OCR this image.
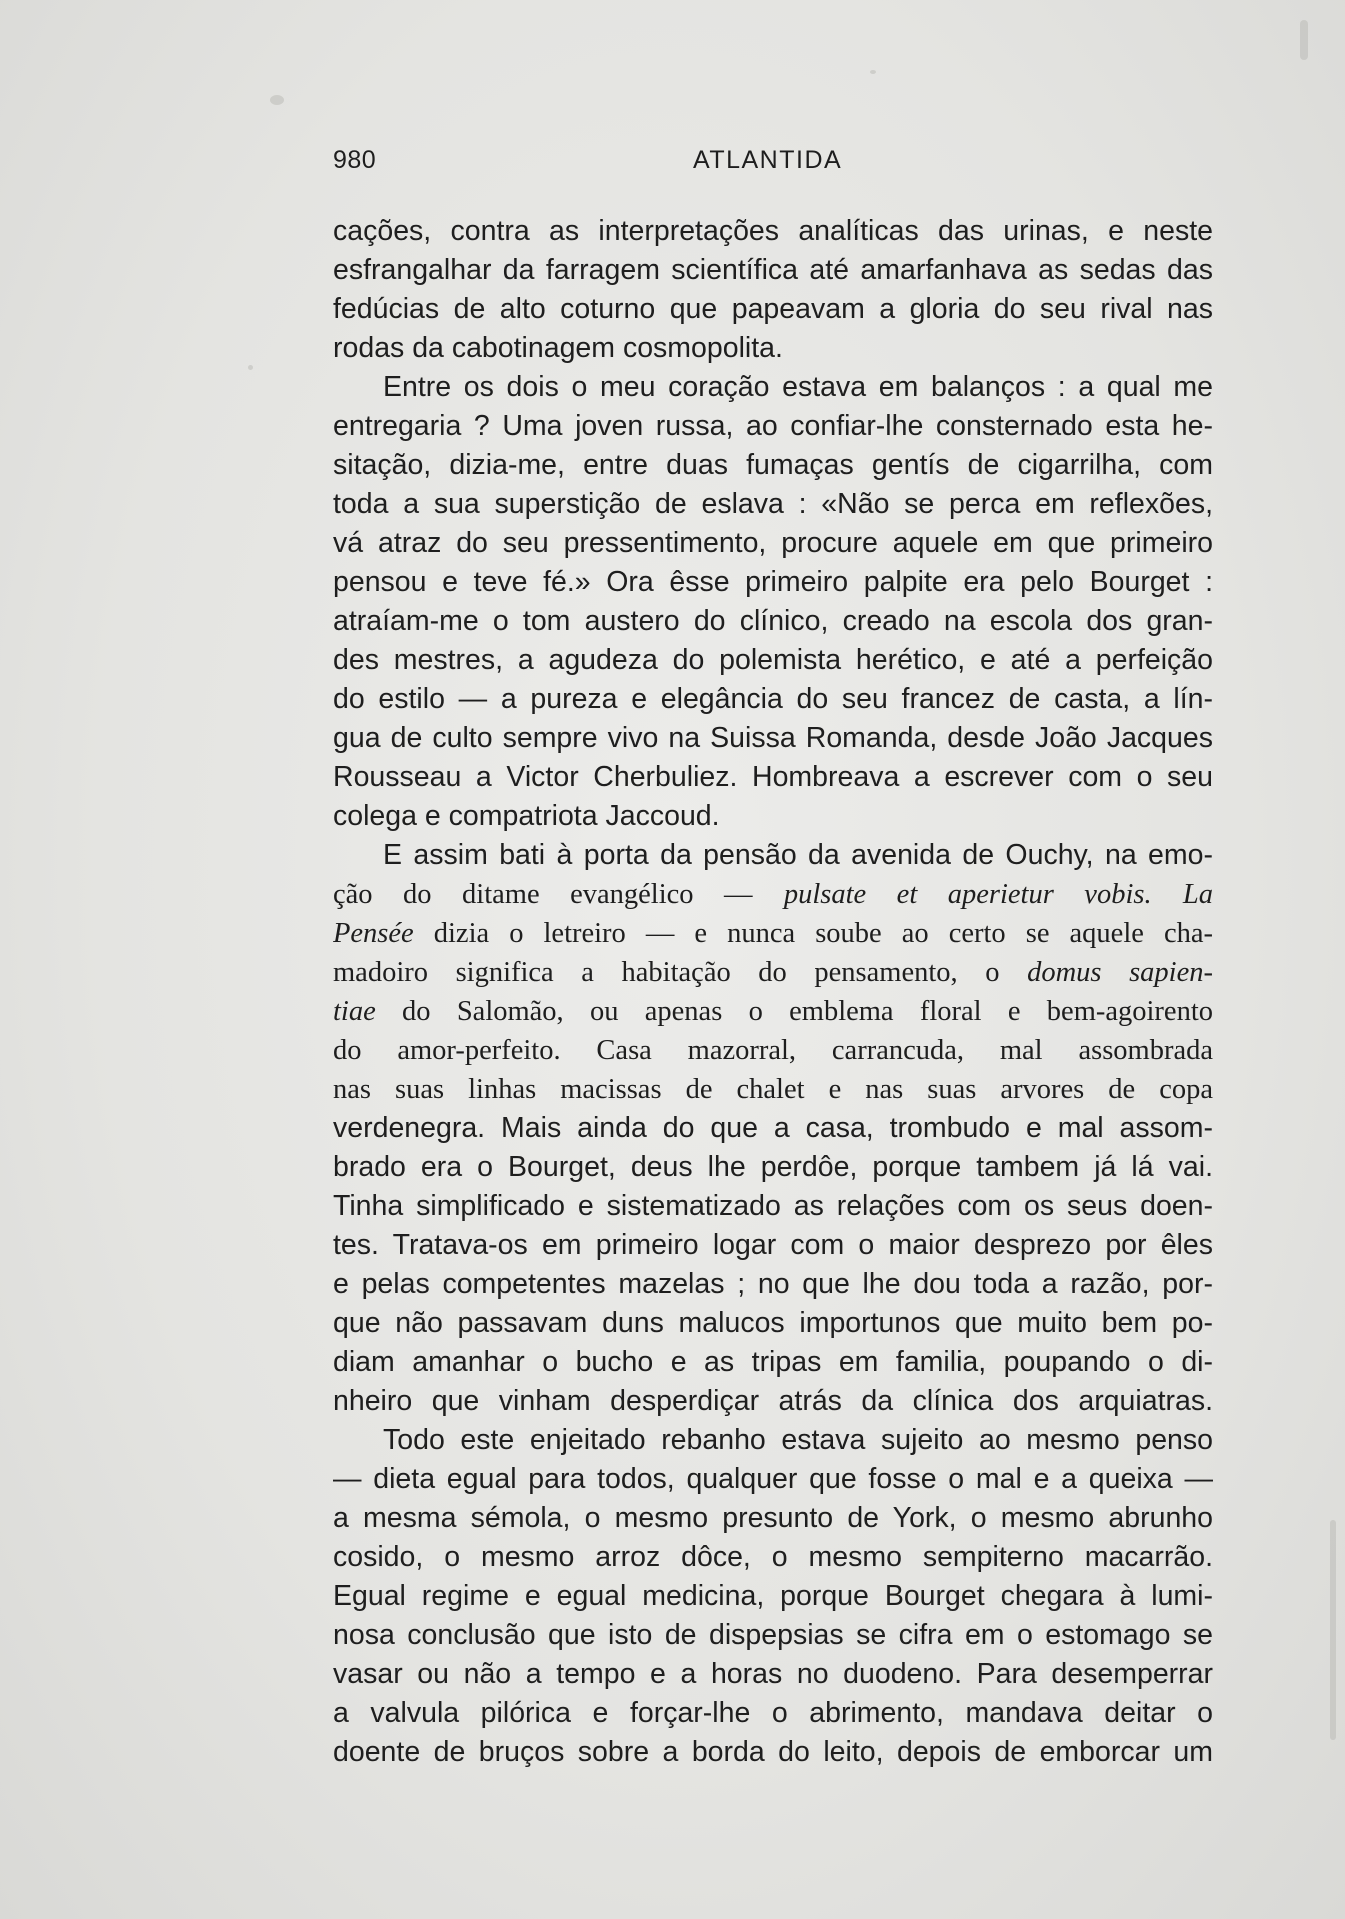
980	ATLANTIDA
cações, contra as interpretações analíticas das urinas, e neste
esfrangalhar da farragem scientífica até amarfanhava as sedas das
fedúcias de alto coturno que papeavam a gloria do seu rival nas
rodas da cabotinagem cosmopolita.
Entre os dois o meu coração estava em balanços : a qual me
entregaria ? Uma joven russa, ao confiar-lhe consternado esta he-
sitação, dizia-me, entre duas fumaças gentís de cigarrilha, com
toda a sua superstição de eslava : «Não se perca em reflexões,
vá atraz do seu pressentimento, procure aquele em que primeiro
pensou e teve fé.» Ora êsse primeiro palpite era pelo Bourget :
atraíam-me o tom austero do clínico, creado na escola dos gran-
des mestres, a agudeza do polemista herético, e até a perfeição
do estilo — a pureza e elegância do seu francez de casta, a lín-
gua de culto sempre vivo na Suissa Romanda, desde João Jacques
Rousseau a Victor Cherbuliez. Hombreava a escrever com o seu
colega e compatriota Jaccoud.
E assim bati à porta da pensão da avenida de Ouchy, na emo-
ção do ditame evangélico — pulsate et aperietur vobis. La
Pensée dizia o letreiro — e nunca soube ao certo se aquele cha-
madoiro significa a habitação do pensamento, o domus sapien-
tiae do Salomão, ou apenas o emblema floral e bem-agoirento
do amor-perfeito. Casa mazorral, carrancuda, mal assombrada
nas suas linhas macissas de chalet e nas suas arvores de copa
verdenegra. Mais ainda do que a casa, trombudo e mal assom-
brado era o Bourget, deus lhe perdôe, porque tambem já lá vai.
Tinha simplificado e sistematizado as relações com os seus doen-
tes. Tratava-os em primeiro logar com o maior desprezo por êles
e pelas competentes mazelas ; no que lhe dou toda a razão, por-
que não passavam duns malucos importunos que muito bem po-
diam amanhar o bucho e as tripas em familia, poupando o di-
nheiro que vinham desperdiçar atrás da clínica dos arquiatras.
Todo este enjeitado rebanho estava sujeito ao mesmo penso
— dieta egual para todos, qualquer que fosse o mal e a queixa —
a mesma sémola, o mesmo presunto de York, o mesmo abrunho
cosido, o mesmo arroz dôce, o mesmo sempiterno macarrão.
Egual regime e egual medicina, porque Bourget chegara à lumi-
nosa conclusão que isto de dispepsias se cifra em o estomago se
vasar ou não a tempo e a horas no duodeno. Para desemperrar
a valvula pilórica e forçar-lhe o abrimento, mandava deitar o
doente de bruços sobre a borda do leito, depois de emborcar um
